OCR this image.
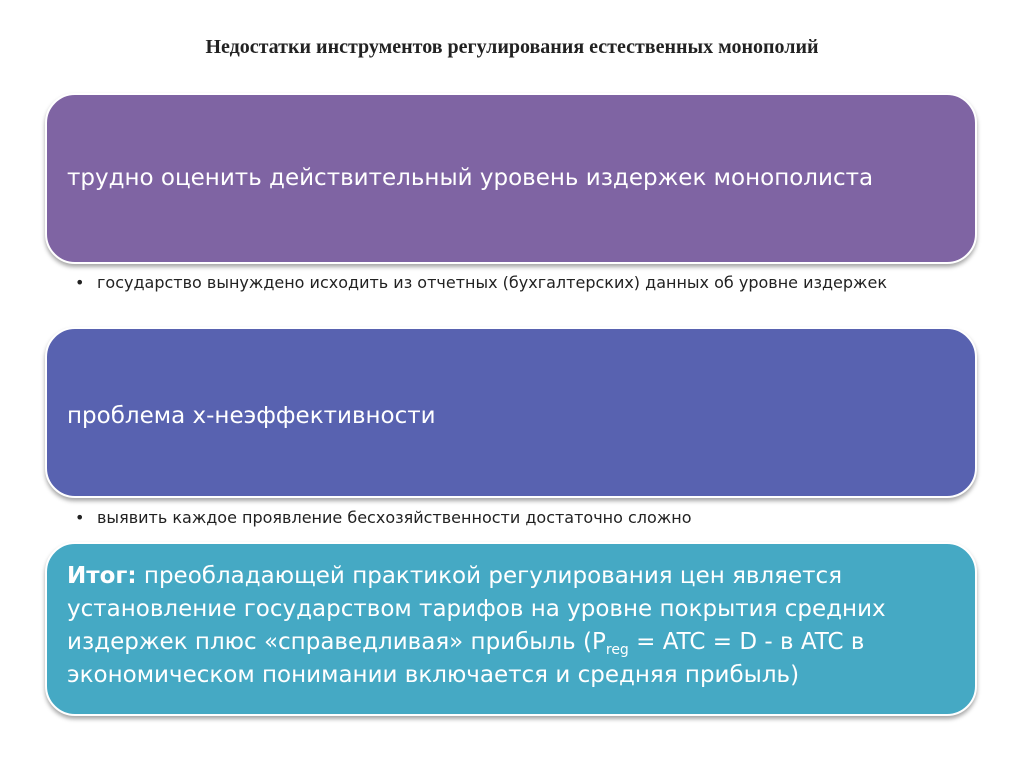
Недостатки инструментов регулирования естественных монополий
трудно оценить действительный уровень издержек монополиста
• государство вынуждено исходить из отчетных (бухгалтерских) данных об уровне издержек
проблема х-неэффективности
• выявить каждое проявление бесхозяйственности достаточно сложно
Итог: преобладающей практикой регулирования цен является установление государством тарифов на уровне покрытия средних издержек плюс «справедливая» прибыль ($P_{reg}$ = ATC = D - в ATC в экономическом понимании включается и средняя прибыль)
